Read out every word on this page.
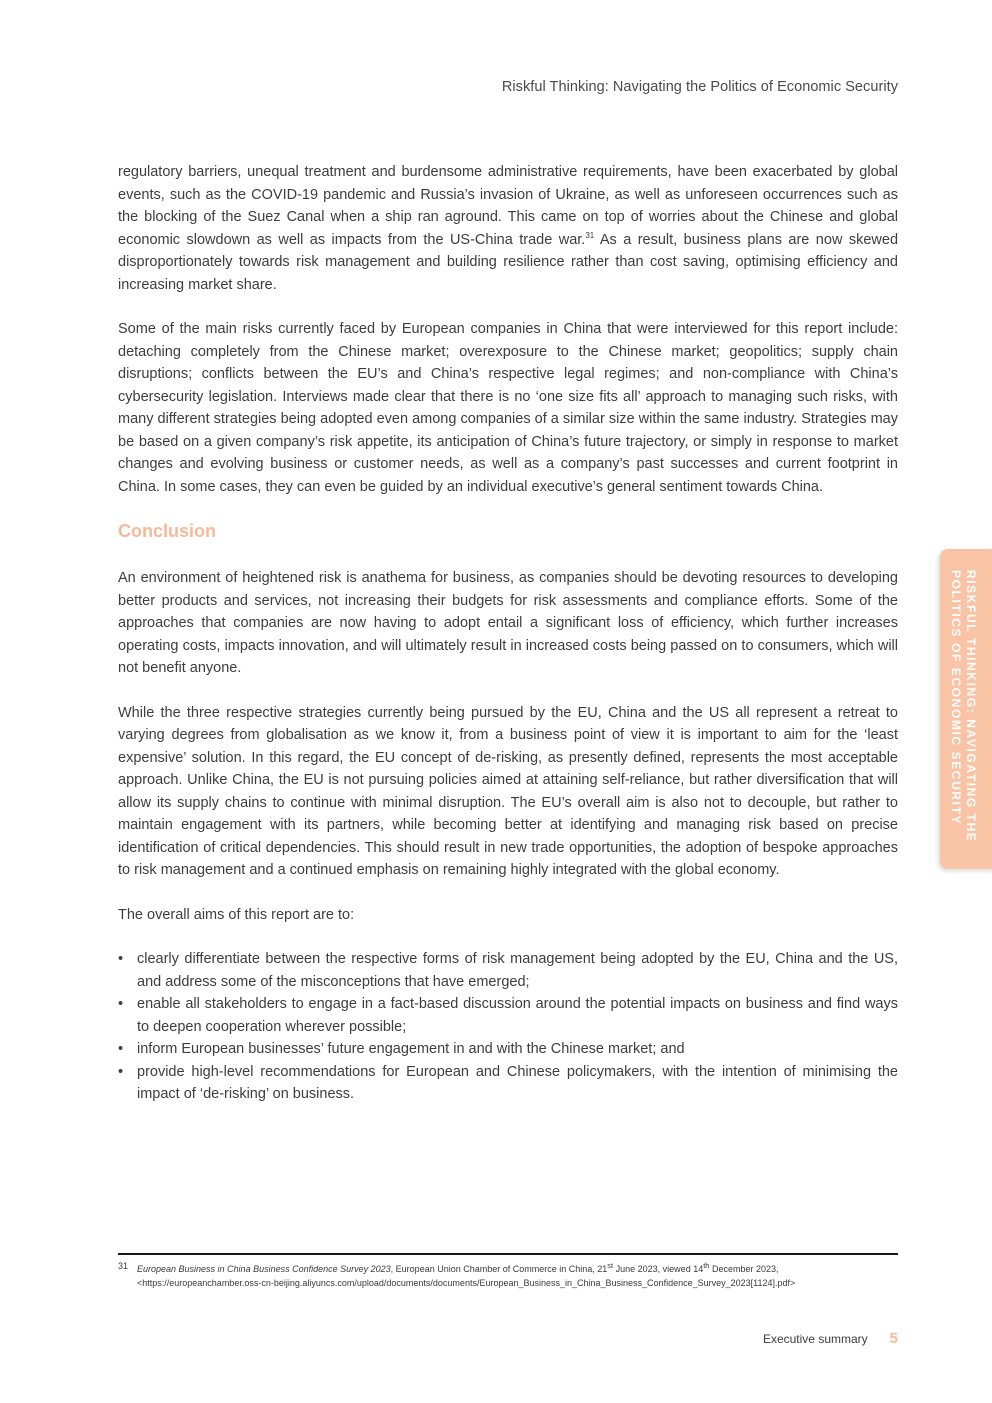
Riskful Thinking: Navigating the Politics of Economic Security

regulatory barriers, unequal treatment and burdensome administrative requirements, have been exacerbated by global events, such as the COVID-19 pandemic and Russia’s invasion of Ukraine, as well as unforeseen occurrences such as the blocking of the Suez Canal when a ship ran aground. This came on top of worries about the Chinese and global economic slowdown as well as impacts from the US-China trade war.$^{31}$ As a result, business plans are now skewed disproportionately towards risk management and building resilience rather than cost saving, optimising efficiency and increasing market share.

Some of the main risks currently faced by European companies in China that were interviewed for this report include: detaching completely from the Chinese market; overexposure to the Chinese market; geopolitics; supply chain disruptions; conflicts between the EU’s and China’s respective legal regimes; and non-compliance with China’s cybersecurity legislation. Interviews made clear that there is no ‘one size fits all’ approach to managing such risks, with many different strategies being adopted even among companies of a similar size within the same industry. Strategies may be based on a given company’s risk appetite, its anticipation of China’s future trajectory, or simply in response to market changes and evolving business or customer needs, as well as a company’s past successes and current footprint in China. In some cases, they can even be guided by an individual executive’s general sentiment towards China.

Conclusion

An environment of heightened risk is anathema for business, as companies should be devoting resources to developing better products and services, not increasing their budgets for risk assessments and compliance efforts. Some of the approaches that companies are now having to adopt entail a significant loss of efficiency, which further increases operating costs, impacts innovation, and will ultimately result in increased costs being passed on to consumers, which will not benefit anyone.

While the three respective strategies currently being pursued by the EU, China and the US all represent a retreat to varying degrees from globalisation as we know it, from a business point of view it is important to aim for the ‘least expensive’ solution. In this regard, the EU concept of de-risking, as presently defined, represents the most acceptable approach. Unlike China, the EU is not pursuing policies aimed at attaining self-reliance, but rather diversification that will allow its supply chains to continue with minimal disruption. The EU’s overall aim is also not to decouple, but rather to maintain engagement with its partners, while becoming better at identifying and managing risk based on precise identification of critical dependencies. This should result in new trade opportunities, the adoption of bespoke approaches to risk management and a continued emphasis on remaining highly integrated with the global economy.

The overall aims of this report are to:

• clearly differentiate between the respective forms of risk management being adopted by the EU, China and the US, and address some of the misconceptions that have emerged;
• enable all stakeholders to engage in a fact-based discussion around the potential impacts on business and find ways to deepen cooperation wherever possible;
• inform European businesses’ future engagement in and with the Chinese market; and
• provide high-level recommendations for European and Chinese policymakers, with the intention of minimising the impact of ‘de-risking’ on business.
RISKFUL THINKING: NAVIGATING THE POLITICS OF ECONOMIC SECURITY
31 European Business in China Business Confidence Survey 2023, European Union Chamber of Commerce in China, 21st June 2023, viewed 14th December 2023, <https://europeanchamber.oss-cn-beijing.aliyuncs.com/upload/documents/documents/European_Business_in_China_Business_Confidence_Survey_2023[1124].pdf>
Executive summary 5
